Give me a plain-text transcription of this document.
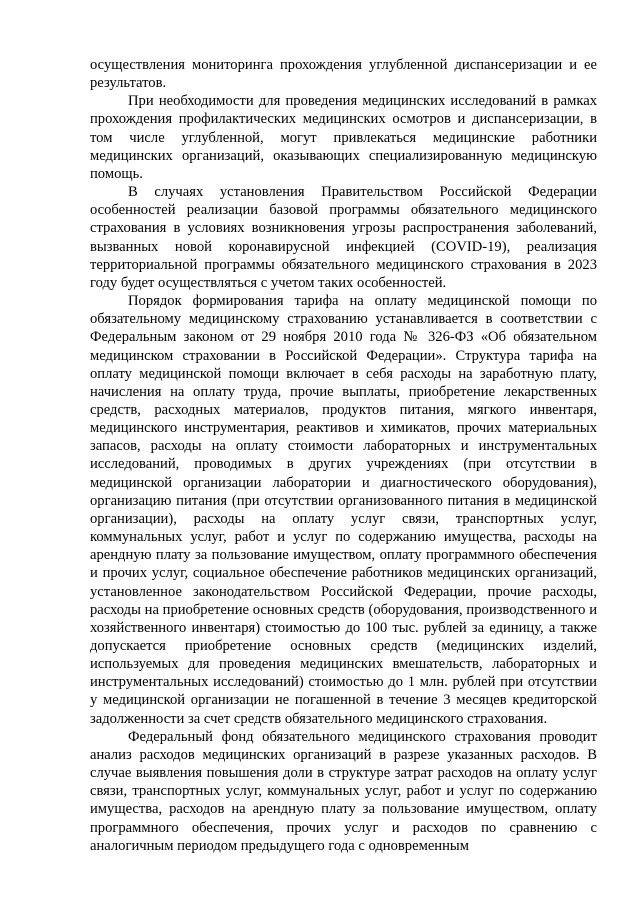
осуществления мониторинга прохождения углубленной диспансеризации и ее результатов.

При необходимости для проведения медицинских исследований в рамках прохождения профилактических медицинских осмотров и диспансеризации, в том числе углубленной, могут привлекаться медицинские работники медицинских организаций, оказывающих специализированную медицинскую помощь.

В случаях установления Правительством Российской Федерации особенностей реализации базовой программы обязательного медицинского страхования в условиях возникновения угрозы распространения заболеваний, вызванных новой коронавирусной инфекцией (COVID-19), реализация территориальной программы обязательного медицинского страхования в 2023 году будет осуществляться с учетом таких особенностей.

Порядок формирования тарифа на оплату медицинской помощи по обязательному медицинскому страхованию устанавливается в соответствии с Федеральным законом от 29 ноября 2010 года № 326-ФЗ «Об обязательном медицинском страховании в Российской Федерации». Структура тарифа на оплату медицинской помощи включает в себя расходы на заработную плату, начисления на оплату труда, прочие выплаты, приобретение лекарственных средств, расходных материалов, продуктов питания, мягкого инвентаря, медицинского инструментария, реактивов и химикатов, прочих материальных запасов, расходы на оплату стоимости лабораторных и инструментальных исследований, проводимых в других учреждениях (при отсутствии в медицинской организации лаборатории и диагностического оборудования), организацию питания (при отсутствии организованного питания в медицинской организации), расходы на оплату услуг связи, транспортных услуг, коммунальных услуг, работ и услуг по содержанию имущества, расходы на арендную плату за пользование имуществом, оплату программного обеспечения и прочих услуг, социальное обеспечение работников медицинских организаций, установленное законодательством Российской Федерации, прочие расходы, расходы на приобретение основных средств (оборудования, производственного и хозяйственного инвентаря) стоимостью до 100 тыс. рублей за единицу, а также допускается приобретение основных средств (медицинских изделий, используемых для проведения медицинских вмешательств, лабораторных и инструментальных исследований) стоимостью до 1 млн. рублей при отсутствии у медицинской организации не погашенной в течение 3 месяцев кредиторской задолженности за счет средств обязательного медицинского страхования.

Федеральный фонд обязательного медицинского страхования проводит анализ расходов медицинских организаций в разрезе указанных расходов. В случае выявления повышения доли в структуре затрат расходов на оплату услуг связи, транспортных услуг, коммунальных услуг, работ и услуг по содержанию имущества, расходов на арендную плату за пользование имуществом, оплату программного обеспечения, прочих услуг и расходов по сравнению с аналогичным периодом предыдущего года с одновременным
